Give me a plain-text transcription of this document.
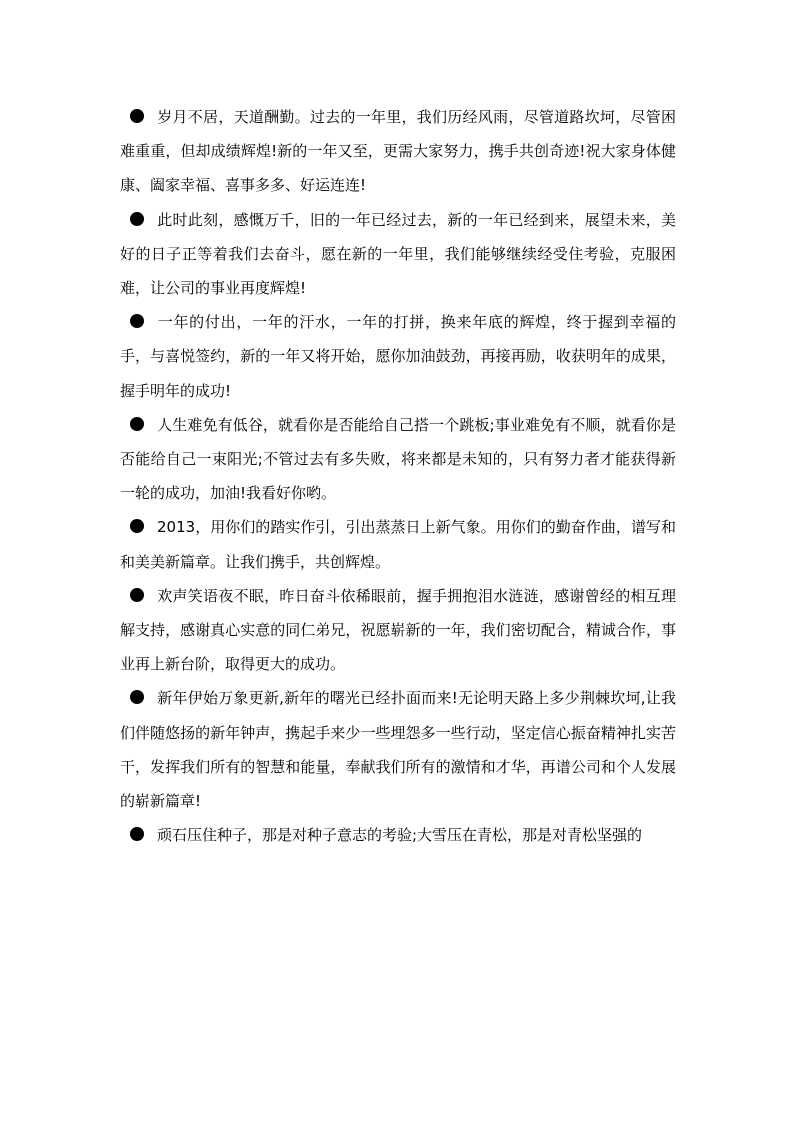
岁月不居，天道酬勤。过去的一年里，我们历经风雨，尽管道路坎坷，尽管困难重重，但却成绩辉煌!新的一年又至，更需大家努力，携手共创奇迹!祝大家身体健康、阖家幸福、喜事多多、好运连连!

此时此刻，感慨万千，旧的一年已经过去，新的一年已经到来，展望未来，美好的日子正等着我们去奋斗，愿在新的一年里，我们能够继续经受住考验，克服困难，让公司的事业再度辉煌!

一年的付出，一年的汗水，一年的打拼，换来年底的辉煌，终于握到幸福的手，与喜悦签约，新的一年又将开始，愿你加油鼓劲，再接再励，收获明年的成果，握手明年的成功!

人生难免有低谷，就看你是否能给自己搭一个跳板;事业难免有不顺，就看你是否能给自己一束阳光;不管过去有多失败，将来都是未知的，只有努力者才能获得新一轮的成功，加油!我看好你哟。

2013，用你们的踏实作引，引出蒸蒸日上新气象。用你们的勤奋作曲，谱写和和美美新篇章。让我们携手，共创辉煌。

欢声笑语夜不眠，昨日奋斗依稀眼前，握手拥抱泪水涟涟，感谢曾经的相互理解支持，感谢真心实意的同仁弟兄，祝愿崭新的一年，我们密切配合，精诚合作，事业再上新台阶，取得更大的成功。

新年伊始万象更新,新年的曙光已经扑面而来!无论明天路上多少荆棘坎坷,让我们伴随悠扬的新年钟声，携起手来少一些埋怨多一些行动，坚定信心振奋精神扎实苦干，发挥我们所有的智慧和能量，奉献我们所有的激情和才华，再谱公司和个人发展的崭新篇章!

顽石压住种子，那是对种子意志的考验;大雪压在青松，那是对青松坚强的
